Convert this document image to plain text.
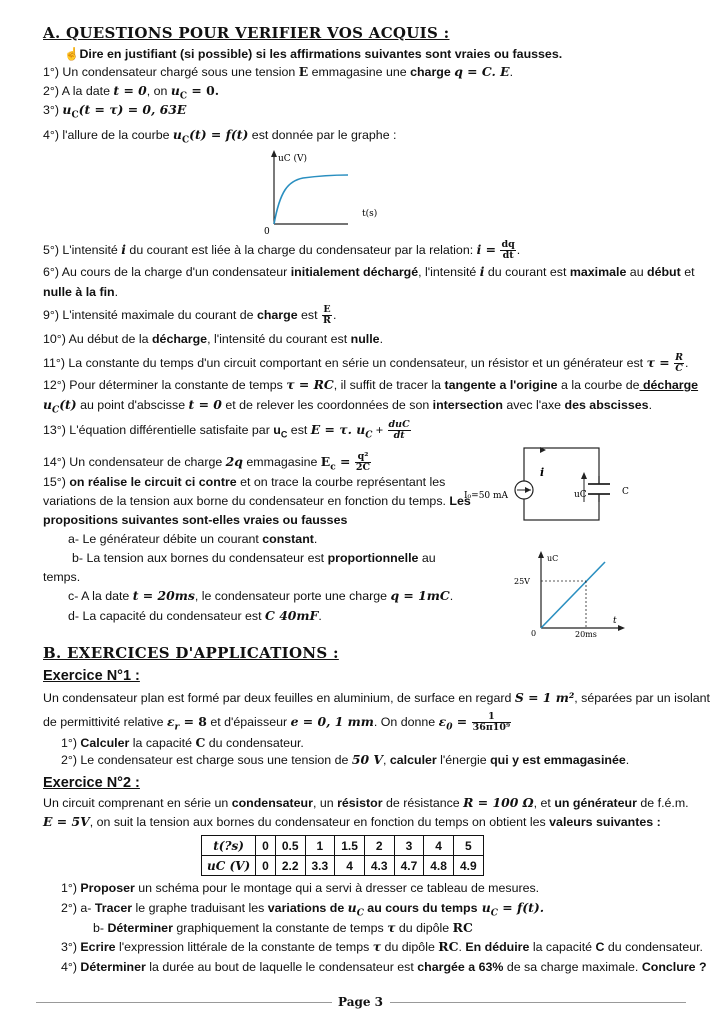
A. QUESTIONS POUR VERIFIER VOS ACQUIS :
☝ Dire en justifiant (si possible) si les affirmations suivantes sont vraies ou fausses.
1°) Un condensateur chargé sous une tension E emmagasine une charge q = C. E.
2°) A la date t = 0, on $u_C = 0$.
3°) $u_C(t = \tau) = 0$, 63E
4°) l'allure de la courbe $u_C(t) = f(t)$ est donnée par le graphe :
uC (V)
t(s)
0
5°) L'intensité i du courant est liée à la charge du condensateur par la relation: $i = \frac{dq}{dt}$ .
6°) Au cours de la charge d'un condensateur initialement déchargé, l'intensité i du courant est maximale au début et
nulle à la fin.
9°) L'intensité maximale du courant de charge est $\frac{E}{R}$ .
10°) Au début de la décharge, l'intensité du courant est nulle.
11°) La constante du temps d'un circuit comportant en série un condensateur, un résistor et un générateur est $\tau = \frac{R}{C}$ .
12°) Pour déterminer la constante de temps τ = RC, il suffit de tracer la tangente a l'origine a la courbe de décharge
$u_C(t)$ au point d'abscisse t = 0 et de relever les coordonnées de son intersection avec l'axe des abscisses.
13°) L'équation différentielle satisfaite par $u_C$ est E = τ. $u_C + \frac{\text{duC}}{dt}$
14°) Un condensateur de charge 2q emmagasine $E_c = \frac{\text{q²}}{2C}$
15°) on réalise le circuit ci contre et on trace la courbe représentant les
variations de la tension aux borne du condensateur en fonction du temps. Les
propositions suivantes sont-elles vraies ou fausses
a- Le générateur débite un courant constant.
b- La tension aux bornes du condensateur est proportionnelle au
temps.
c- A la date t = 20ms, le condensateur porte une charge q = 1mC.
d- La capacité du condensateur est C 40mF.
i
I₀=50 mA	uC	C
uC
t
25V
20ms
0
B. EXERCICES D'APPLICATIONS :
Exercice N°1 :
Un condensateur plan est formé par deux feuilles en aluminium, de surface en regard S = 1 m², séparées par un isolant
de permittivité relative $\varepsilon_r = 8$ et d'épaisseur e = 0, 1 mm. On donne $\varepsilon_0 = \frac{1}{\text{36π10⁹}}$
1°) Calculer la capacité C du condensateur.
2°) Le condensateur est charge sous une tension de 50 V, calculer l'énergie qui y est emmagasinée.
Exercice N°2 :
Un circuit comprenant en série un condensateur, un résistor de résistance R = 100 Ω, et un générateur de f.é.m.
E = 5V, on suit la tension aux bornes du condensateur en fonction du temps on obtient les valeurs suivantes :
t(?s)	0	0.5	1	1.5	2	3	4	5
uC (V)	0	2.2	3.3	4	4.3	4.7	4.8	4.9
1°) Proposer un schéma pour le montage qui a servi à dresser ce tableau de mesures.
2°) a- Tracer le graphe traduisant les variations de $u_C$ au cours du temps $u_C = f(t)$.
b- Déterminer graphiquement la constante de temps τ du dipôle RC
3°) Ecrire l'expression littérale de la constante de temps τ du dipôle RC. En déduire la capacité C du condensateur.
4°) Déterminer la durée au bout de laquelle le condensateur est chargée a 63% de sa charge maximale. Conclure ?
Page 3
